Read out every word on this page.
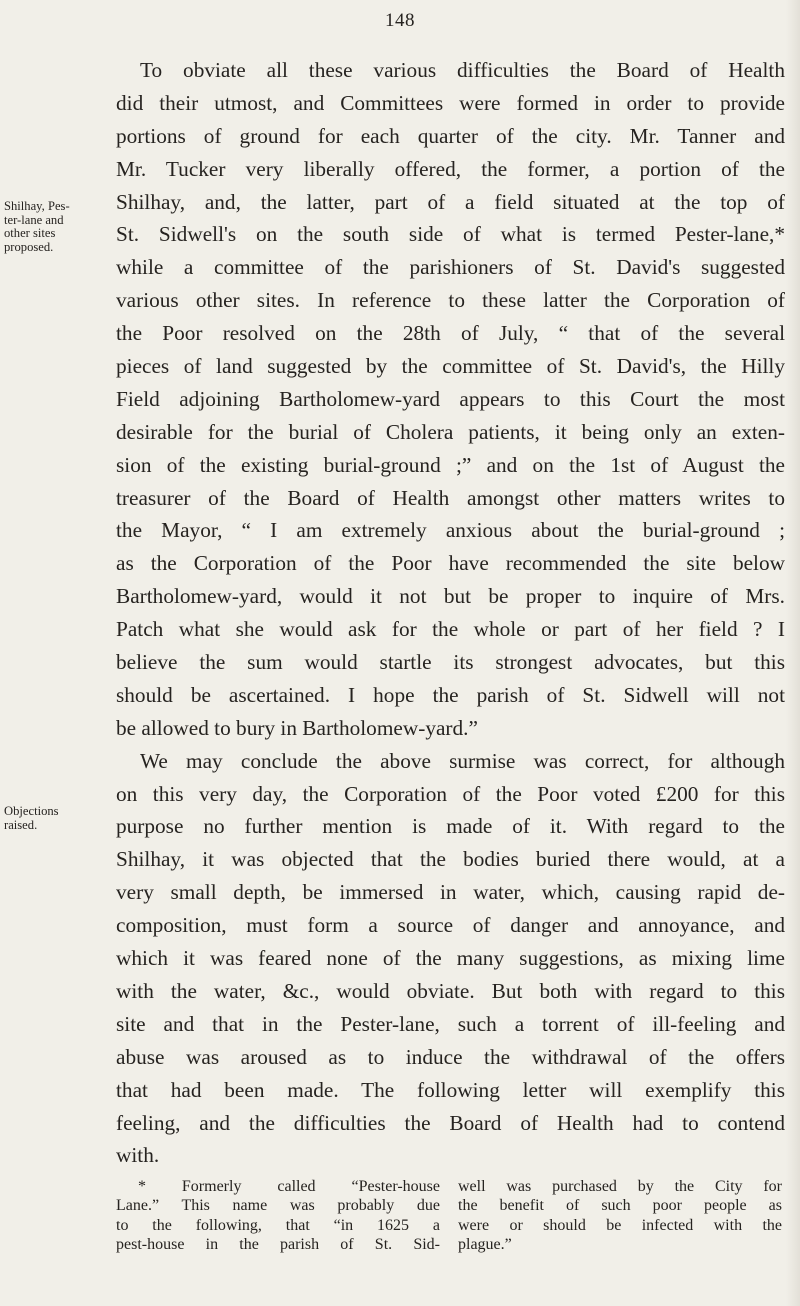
148
Shilhay, Pes-
ter-lane and
other sites
proposed.
Objections
raised.
To obviate all these various difficulties the Board of Health
did their utmost, and Committees were formed in order to provide
portions of ground for each quarter of the city. Mr. Tanner and
Mr. Tucker very liberally offered, the former, a portion of the
Shilhay, and, the latter, part of a field situated at the top of
St. Sidwell's on the south side of what is termed Pester-lane,*
while a committee of the parishioners of St. David's suggested
various other sites. In reference to these latter the Corporation of
the Poor resolved on the 28th of July, “ that of the several
pieces of land suggested by the committee of St. David's, the Hilly
Field adjoining Bartholomew-yard appears to this Court the most
desirable for the burial of Cholera patients, it being only an exten-
sion of the existing burial-ground ;” and on the 1st of August the
treasurer of the Board of Health amongst other matters writes to
the Mayor, “ I am extremely anxious about the burial-ground ;
as the Corporation of the Poor have recommended the site below
Bartholomew-yard, would it not but be proper to inquire of Mrs.
Patch what she would ask for the whole or part of her field ? I
believe the sum would startle its strongest advocates, but this
should be ascertained. I hope the parish of St. Sidwell will not
be allowed to bury in Bartholomew-yard.”
We may conclude the above surmise was correct, for although
on this very day, the Corporation of the Poor voted £200 for this
purpose no further mention is made of it. With regard to the
Shilhay, it was objected that the bodies buried there would, at a
very small depth, be immersed in water, which, causing rapid de-
composition, must form a source of danger and annoyance, and
which it was feared none of the many suggestions, as mixing lime
with the water, &c., would obviate. But both with regard to this
site and that in the Pester-lane, such a torrent of ill-feeling and
abuse was aroused as to induce the withdrawal of the offers
that had been made. The following letter will exemplify this
feeling, and the difficulties the Board of Health had to contend
with.
* Formerly called “Pester-house
Lane.” This name was probably due
to the following, that “in 1625 a
pest-house in the parish of St. Sid-
well was purchased by the City for
the benefit of such poor people as
were or should be infected with the
plague.”
